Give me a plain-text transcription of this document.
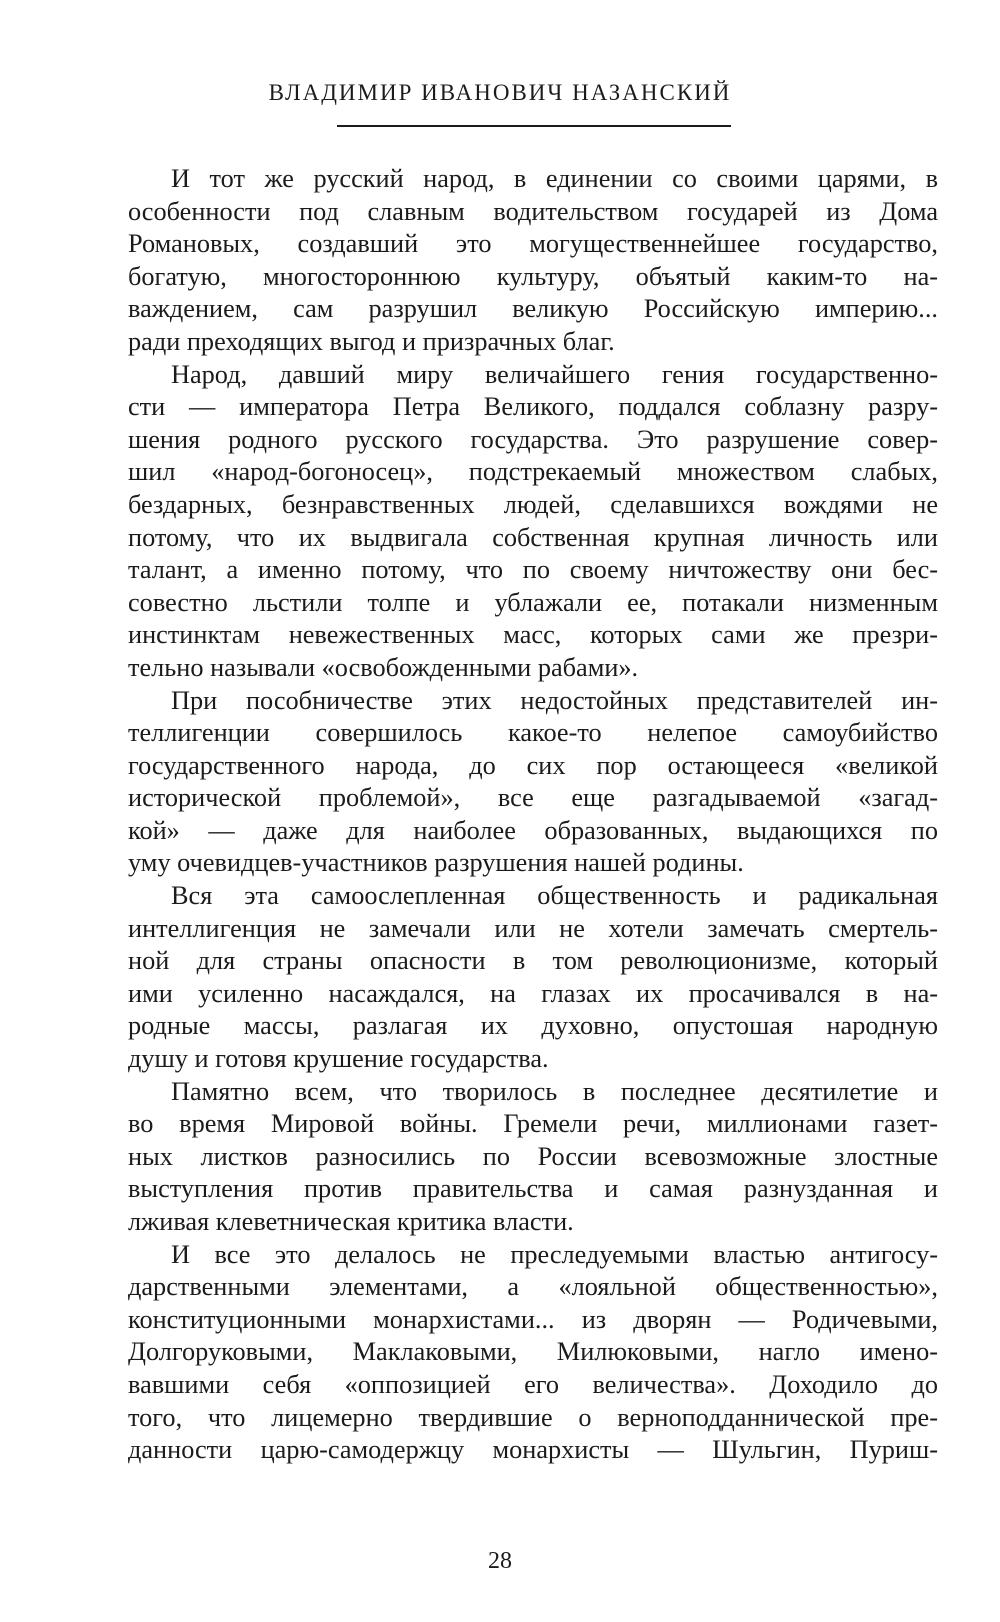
ВЛАДИМИР ИВАНОВИЧ НАЗАНСКИЙ
И тот же русский народ, в единении со своими царями, в
особенности под славным водительством государей из Дома
Романовых, создавший это могущественнейшее государство,
богатую, многостороннюю культуру, объятый каким-то на-
важдением, сам разрушил великую Российскую империю...
ради преходящих выгод и призрачных благ.
Народ, давший миру величайшего гения государственно-
сти — императора Петра Великого, поддался соблазну разру-
шения родного русского государства. Это разрушение совер-
шил «народ-богоносец», подстрекаемый множеством слабых,
бездарных, безнравственных людей, сделавшихся вождями не
потому, что их выдвигала собственная крупная личность или
талант, а именно потому, что по своему ничтожеству они бес-
совестно льстили толпе и ублажали ее, потакали низменным
инстинктам невежественных масс, которых сами же презри-
тельно называли «освобожденными рабами».
При пособничестве этих недостойных представителей ин-
теллигенции совершилось какое-то нелепое самоубийство
государственного народа, до сих пор остающееся «великой
исторической проблемой», все еще разгадываемой «загад-
кой» — даже для наиболее образованных, выдающихся по
уму очевидцев-участников разрушения нашей родины.
Вся эта самоослепленная общественность и радикальная
интеллигенция не замечали или не хотели замечать смертель-
ной для страны опасности в том революционизме, который
ими усиленно насаждался, на глазах их просачивался в на-
родные массы, разлагая их духовно, опустошая народную
душу и готовя крушение государства.
Памятно всем, что творилось в последнее десятилетие и
во время Мировой войны. Гремели речи, миллионами газет-
ных листков разносились по России всевозможные злостные
выступления против правительства и самая разнузданная и
лживая клеветническая критика власти.
И все это делалось не преследуемыми властью антигосу-
дарственными элементами, а «лояльной общественностью»,
конституционными монархистами... из дворян — Родичевыми,
Долгоруковыми, Маклаковыми, Милюковыми, нагло имено-
вавшими себя «оппозицией его величества». Доходило до
того, что лицемерно твердившие о верноподданнической пре-
данности царю-самодержцу монархисты — Шульгин, Пуриш-
28
